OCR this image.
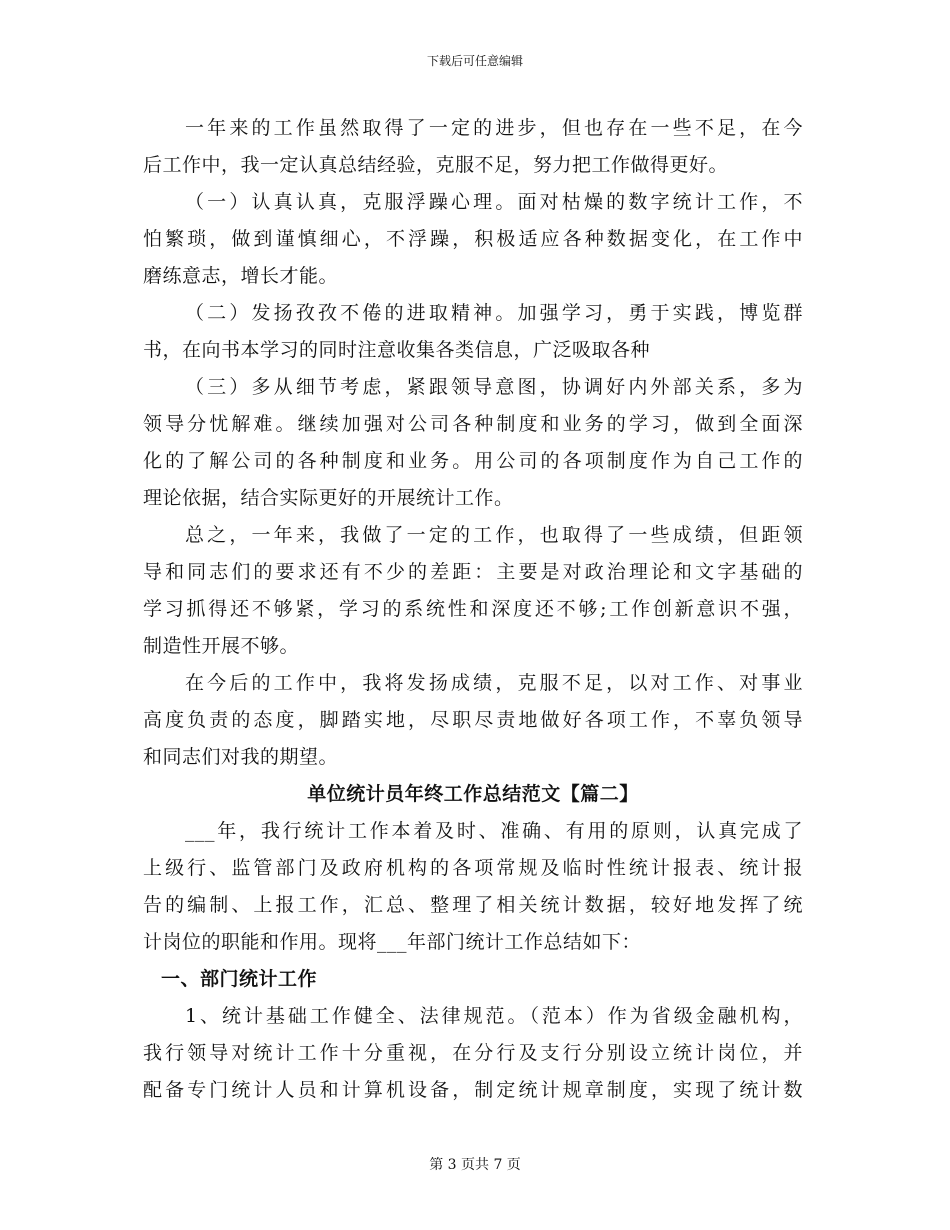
下载后可任意编辑
一年来的工作虽然取得了一定的进步，但也存在一些不足，在今
后工作中，我一定认真总结经验，克服不足，努力把工作做得更好。
（一）认真认真，克服浮躁心理。面对枯燥的数字统计工作，不
怕繁琐，做到谨慎细心，不浮躁，积极适应各种数据变化，在工作中
磨练意志，增长才能。
（二）发扬孜孜不倦的进取精神。加强学习，勇于实践，博览群
书，在向书本学习的同时注意收集各类信息，广泛吸取各种
（三）多从细节考虑，紧跟领导意图，协调好内外部关系，多为
领导分忧解难。继续加强对公司各种制度和业务的学习，做到全面深
化的了解公司的各种制度和业务。用公司的各项制度作为自己工作的
理论依据，结合实际更好的开展统计工作。
总之，一年来，我做了一定的工作，也取得了一些成绩，但距领
导和同志们的要求还有不少的差距：主要是对政治理论和文字基础的
学习抓得还不够紧，学习的系统性和深度还不够;工作创新意识不强，
制造性开展不够。
在今后的工作中，我将发扬成绩，克服不足，以对工作、对事业
高度负责的态度，脚踏实地，尽职尽责地做好各项工作，不辜负领导
和同志们对我的期望。
单位统计员年终工作总结范文【篇二】
___年，我行统计工作本着及时、准确、有用的原则，认真完成了
上级行、监管部门及政府机构的各项常规及临时性统计报表、统计报
告的编制、上报工作，汇总、整理了相关统计数据，较好地发挥了统
计岗位的职能和作用。现将___年部门统计工作总结如下：
一、部门统计工作
1、统计基础工作健全、法律规范。（范本）作为省级金融机构，
我行领导对统计工作十分重视，在分行及支行分别设立统计岗位，并
配备专门统计人员和计算机设备，制定统计规章制度，实现了统计数
第 3 页共 7 页
